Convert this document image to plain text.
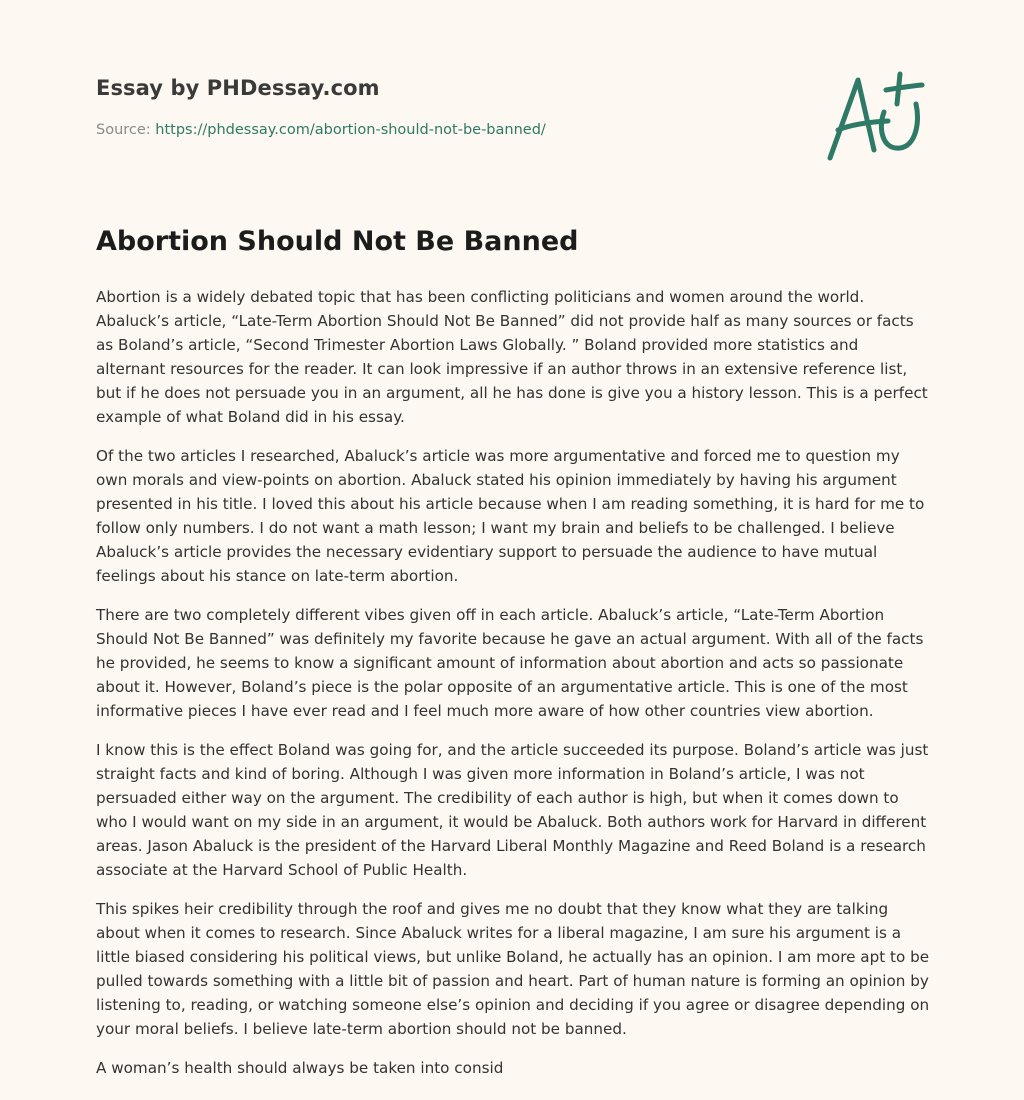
Essay by PHDessay.com
Source: https://phdessay.com/abortion-should-not-be-banned/
Abortion Should Not Be Banned

Abortion is a widely debated topic that has been conflicting politicians and women around the world. Abaluck’s article, “Late-Term Abortion Should Not Be Banned” did not provide half as many sources or facts as Boland’s article, “Second Trimester Abortion Laws Globally. ” Boland provided more statistics and alternant resources for the reader. It can look impressive if an author throws in an extensive reference list, but if he does not persuade you in an argument, all he has done is give you a history lesson. This is a perfect example of what Boland did in his essay.

Of the two articles I researched, Abaluck’s article was more argumentative and forced me to question my own morals and view-points on abortion. Abaluck stated his opinion immediately by having his argument presented in his title. I loved this about his article because when I am reading something, it is hard for me to follow only numbers. I do not want a math lesson; I want my brain and beliefs to be challenged. I believe Abaluck’s article provides the necessary evidentiary support to persuade the audience to have mutual feelings about his stance on late-term abortion.

There are two completely different vibes given off in each article. Abaluck’s article, “Late-Term Abortion Should Not Be Banned” was definitely my favorite because he gave an actual argument. With all of the facts he provided, he seems to know a significant amount of information about abortion and acts so passionate about it. However, Boland’s piece is the polar opposite of an argumentative article. This is one of the most informative pieces I have ever read and I feel much more aware of how other countries view abortion.

I know this is the effect Boland was going for, and the article succeeded its purpose. Boland’s article was just straight facts and kind of boring. Although I was given more information in Boland’s article, I was not persuaded either way on the argument. The credibility of each author is high, but when it comes down to who I would want on my side in an argument, it would be Abaluck. Both authors work for Harvard in different areas. Jason Abaluck is the president of the Harvard Liberal Monthly Magazine and Reed Boland is a research associate at the Harvard School of Public Health.

This spikes heir credibility through the roof and gives me no doubt that they know what they are talking about when it comes to research. Since Abaluck writes for a liberal magazine, I am sure his argument is a little biased considering his political views, but unlike Boland, he actually has an opinion. I am more apt to be pulled towards something with a little bit of passion and heart. Part of human nature is forming an opinion by listening to, reading, or watching someone else’s opinion and deciding if you agree or disagree depending on your moral beliefs. I believe late-term abortion should not be banned.

A woman’s health should always be taken into consid
